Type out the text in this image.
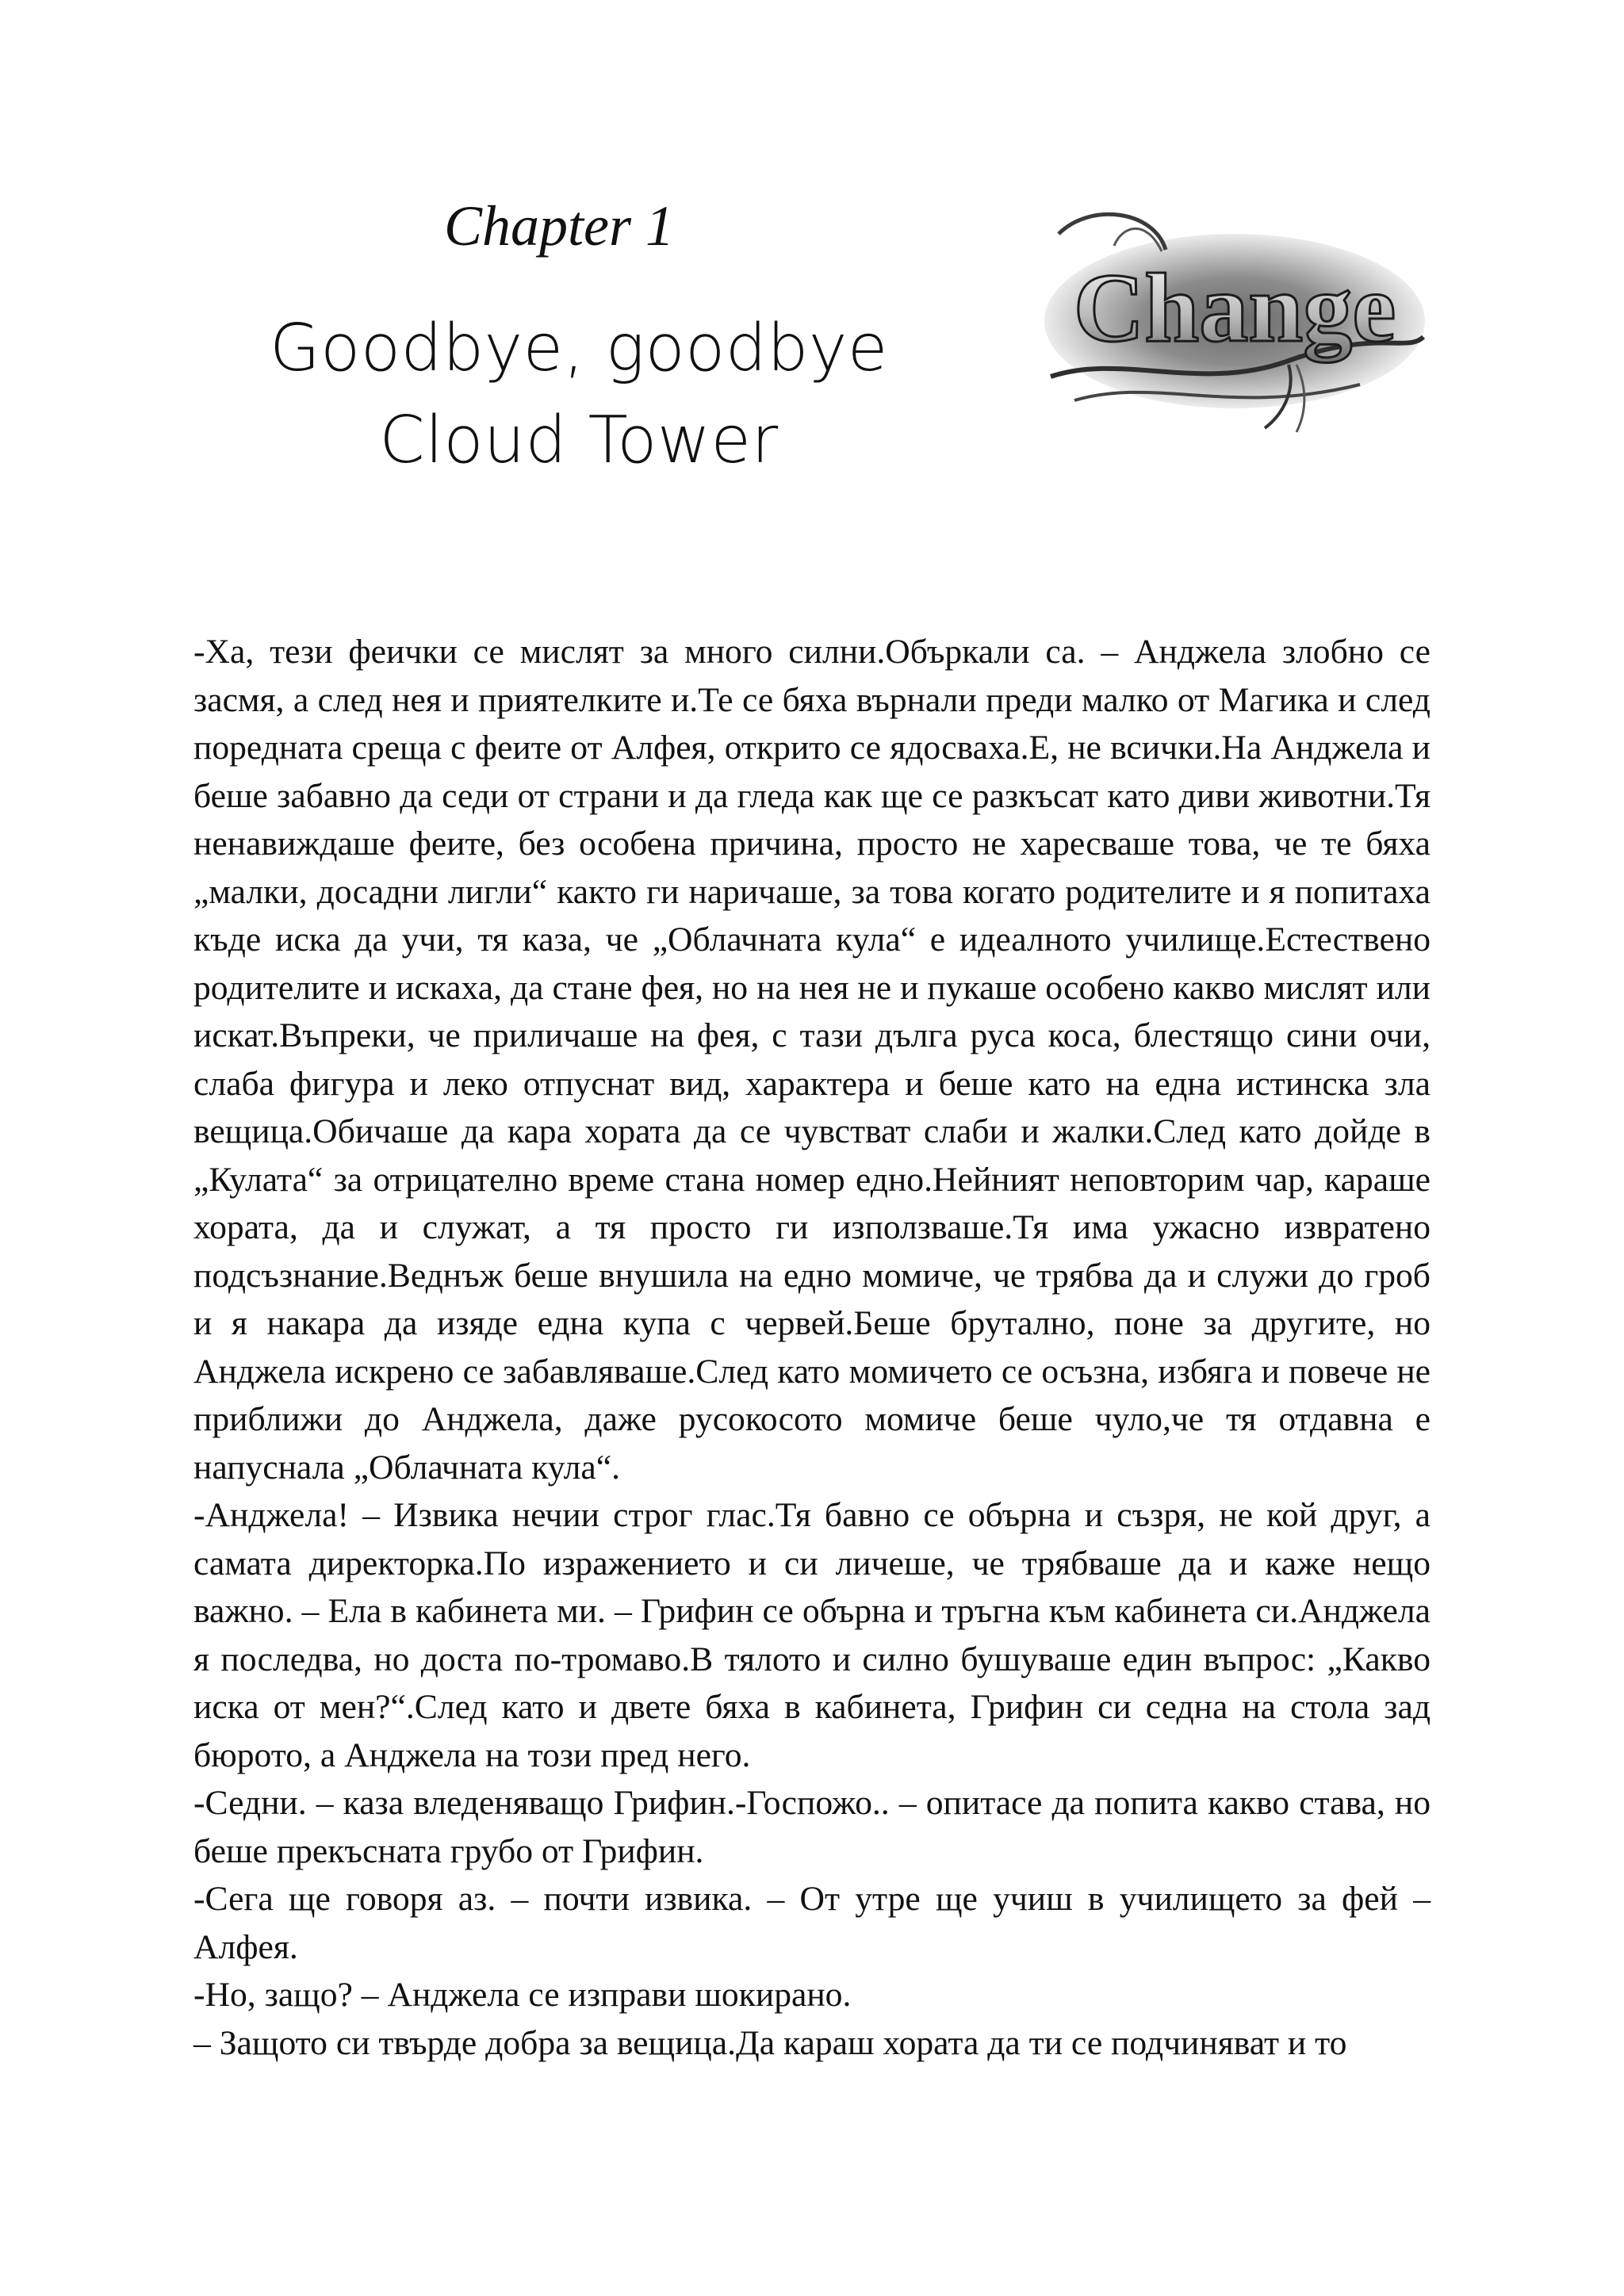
Chapter 1
Goodbye, goodbye
Cloud Tower
Change

-Ха, тези феички се мислят за много силни.Объркали са. – Анджела злобно се засмя, а след нея и приятелките и.Те се бяха върнали преди малко от Магика и след поредната среща с феите от Алфея, открито се ядосваха.Е, не всички.На Анджела и беше забавно да седи от страни и да гледа как ще се разкъсат като диви животни.Тя ненавиждаше феите, без особена причина, просто не харесваше това, че те бяха „малки, досадни лигли“ както ги наричаше, за това когато родителите и я попитаха къде иска да учи, тя каза, че „Облачната кула“ е идеалното училище.Естествено родителите и искаха, да стане фея, но на нея не и пукаше особено какво мислят или искат.Въпреки, че приличаше на фея, с тази дълга руса коса, блестящо сини очи, слаба фигура и леко отпуснат вид, характера и беше като на една истинска зла вещица.Обичаше да кара хората да се чувстват слаби и жалки.След като дойде в „Кулата“ за отрицателно време стана номер едно.Нейният неповторим чар, караше хората, да и служат, а тя просто ги използваше.Тя има ужасно извратено подсъзнание.Веднъж беше внушила на едно момиче, че трябва да и служи до гроб и я накара да изяде една купа с червей.Беше брутално, поне за другите, но Анджела искрено се забавляваше.След като момичето се осъзна, избяга и повече не приближи до Анджела, даже русокосото момиче беше чуло,че тя отдавна е напуснала „Облачната кула“.

-Анджела! – Извика нечии строг глас.Тя бавно се обърна и съзря, не кой друг, а самата директорка.По изражението и си личеше, че трябваше да и каже нещо важно. – Ела в кабинета ми. – Грифин се обърна и тръгна към кабинета си.Анджела я последва, но доста по-тромаво.В тялото и силно бушуваше един въпрос: „Какво иска от мен?“.След като и двете бяха в кабинета, Грифин си седна на стола зад бюрото, а Анджела на този пред него.

-Седни. – каза вледеняващо Грифин.-Госпожо.. – опитасе да попита какво става, но беше прекъсната грубо от Грифин.

-Сега ще говоря аз. – почти извика. – От утре ще учиш в училището за фей – Алфея.

-Но, защо? – Анджела се изправи шокирано.

– Защото си твърде добра за вещица.Да караш хората да ти се подчиняват и то
